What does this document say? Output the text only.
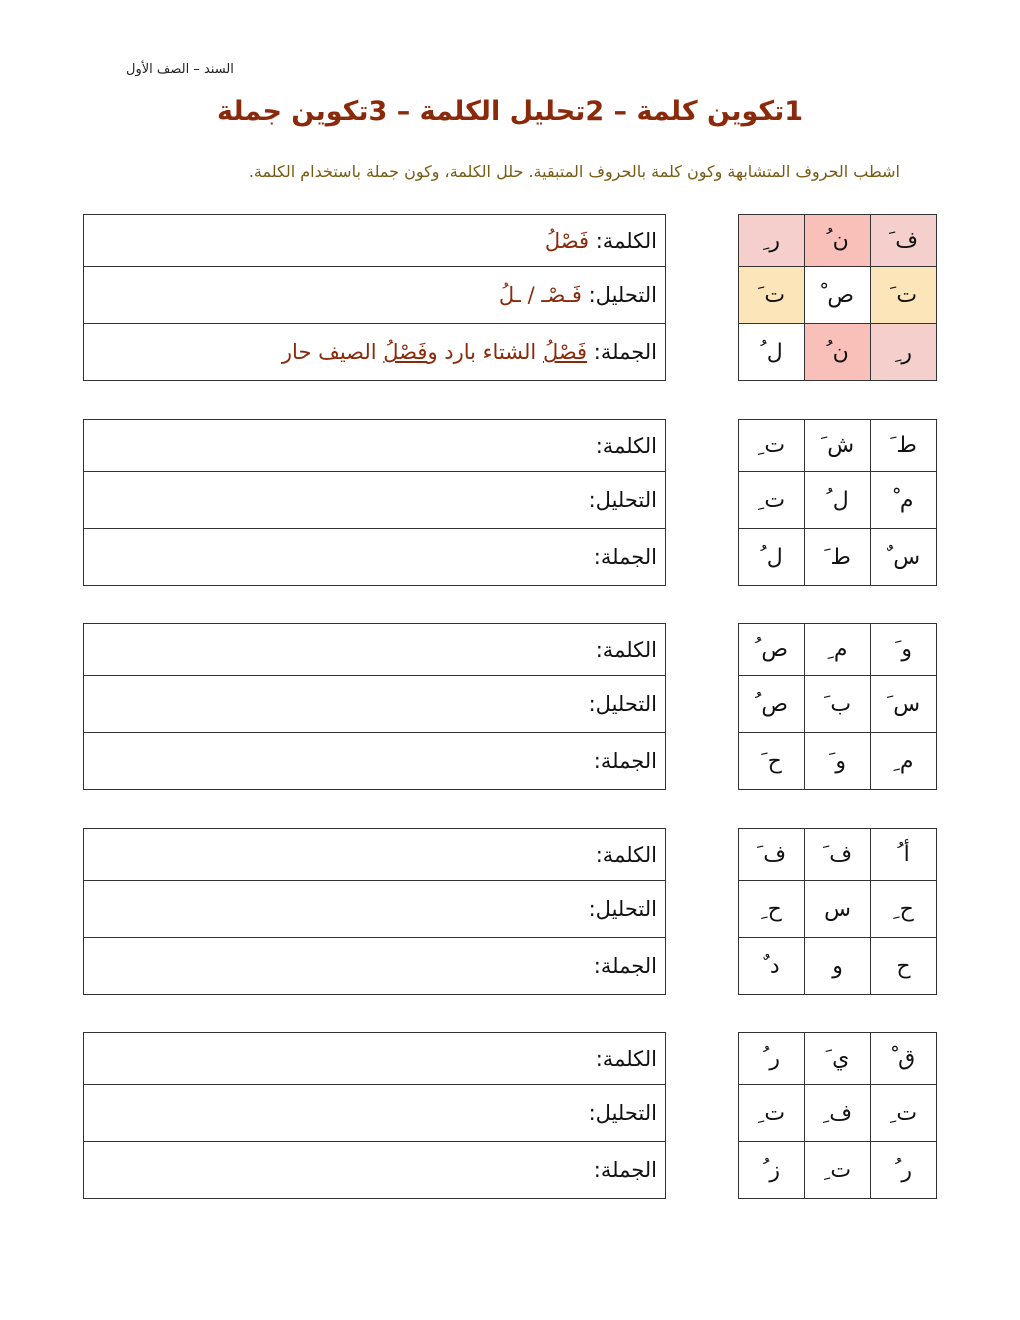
السند – الصف الأول
1تكوين كلمة – 2تحليل الكلمة – 3تكوين جملة
اشطب الحروف المتشابهة وكون كلمة بالحروف المتبقية. حلل الكلمة، وكون جملة باستخدام الكلمة.
الكلمة: فَصْلُ
التحليل: فَـصْـ / ـلُ
الجملة: فَصْلُ الشتاء بارد وفَصْلُ الصيف حار
ف َ	ن ُ	ر ِ
ت َ	ص ْ	ت َ
ر ِ	ن ُ	ل ُ
الكلمة:
التحليل:
الجملة:
ط َ	ش َ	ت ِ
م ْ	ل ُ	ت ِ
س ٌ	ط َ	ل ُ
الكلمة:
التحليل:
الجملة:
و َ	م ِ	ص ُ
س َ	ب َ	ص ُ
م ِ	و َ	ح َ
الكلمة:
التحليل:
الجملة:
أ ُ	ف َ	ف َ
ح ِ	س	ح ِ
ح	و	د ٌ
الكلمة:
التحليل:
الجملة:
ق ْ	ي َ	ر ُ
ت ِ	ف ِ	ت ِ
ر ُ	ت ِ	ز ُ
